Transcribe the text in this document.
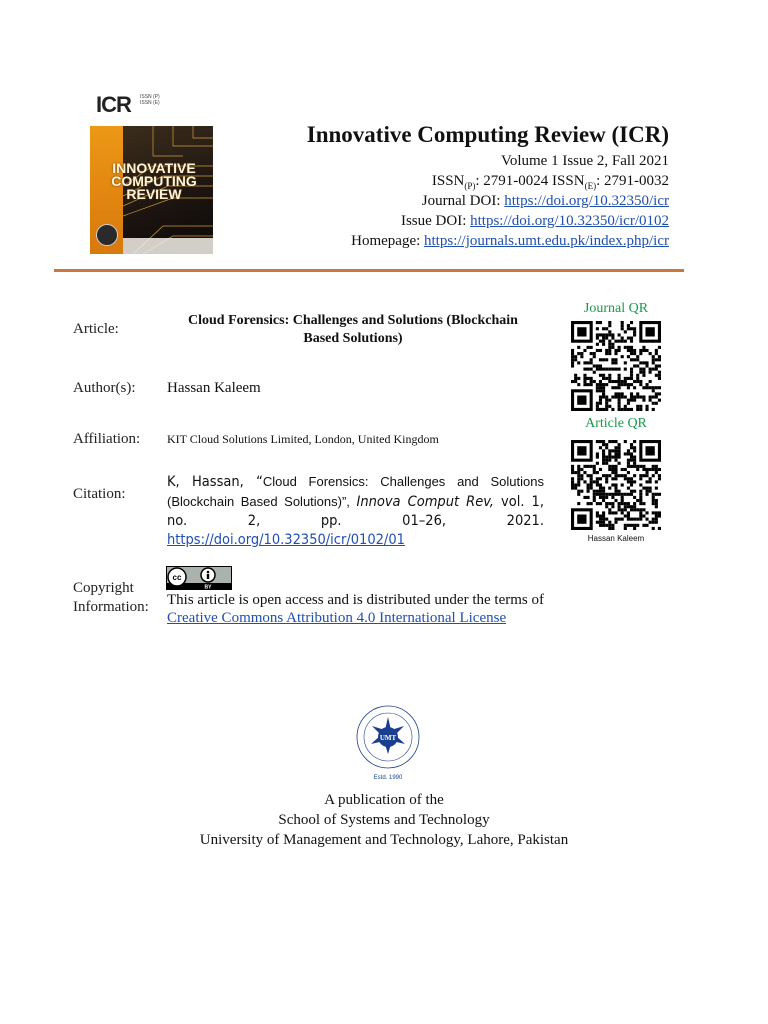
ICR ISSN (P)
ISSN (E)
INNOVATIVE
COMPUTING
REVIEW
Innovative Computing Review (ICR)
Volume 1 Issue 2, Fall 2021
$ISSN_{(P)}$: 2791-0024 $ISSN_{(E)}$: 2791-0032
Journal DOI: https://doi.org/10.32350/icr
Issue DOI: https://doi.org/10.32350/icr/0102
Homepage: https://journals.umt.edu.pk/index.php/icr
Article:
Cloud Forensics: Challenges and Solutions (Blockchain
Based Solutions)
Author(s): Hassan Kaleem
Affiliation: KIT Cloud Solutions Limited, London, United Kingdom
Citation:
K, Hassan, “Cloud Forensics: Challenges and Solutions (Blockchain Based Solutions)”, Innova Comput Rev, vol. 1, no. 2, pp. 01–26, 2021. https://doi.org/10.32350/icr/0102/01
Journal QR
Article QR
Hassan Kaleem
Copyright
Information:
cc
BY
This article is open access and is distributed under the terms of Creative Commons Attribution 4.0 International License
UMT
Estd. 1990
A publication of the
School of Systems and Technology
University of Management and Technology, Lahore, Pakistan
